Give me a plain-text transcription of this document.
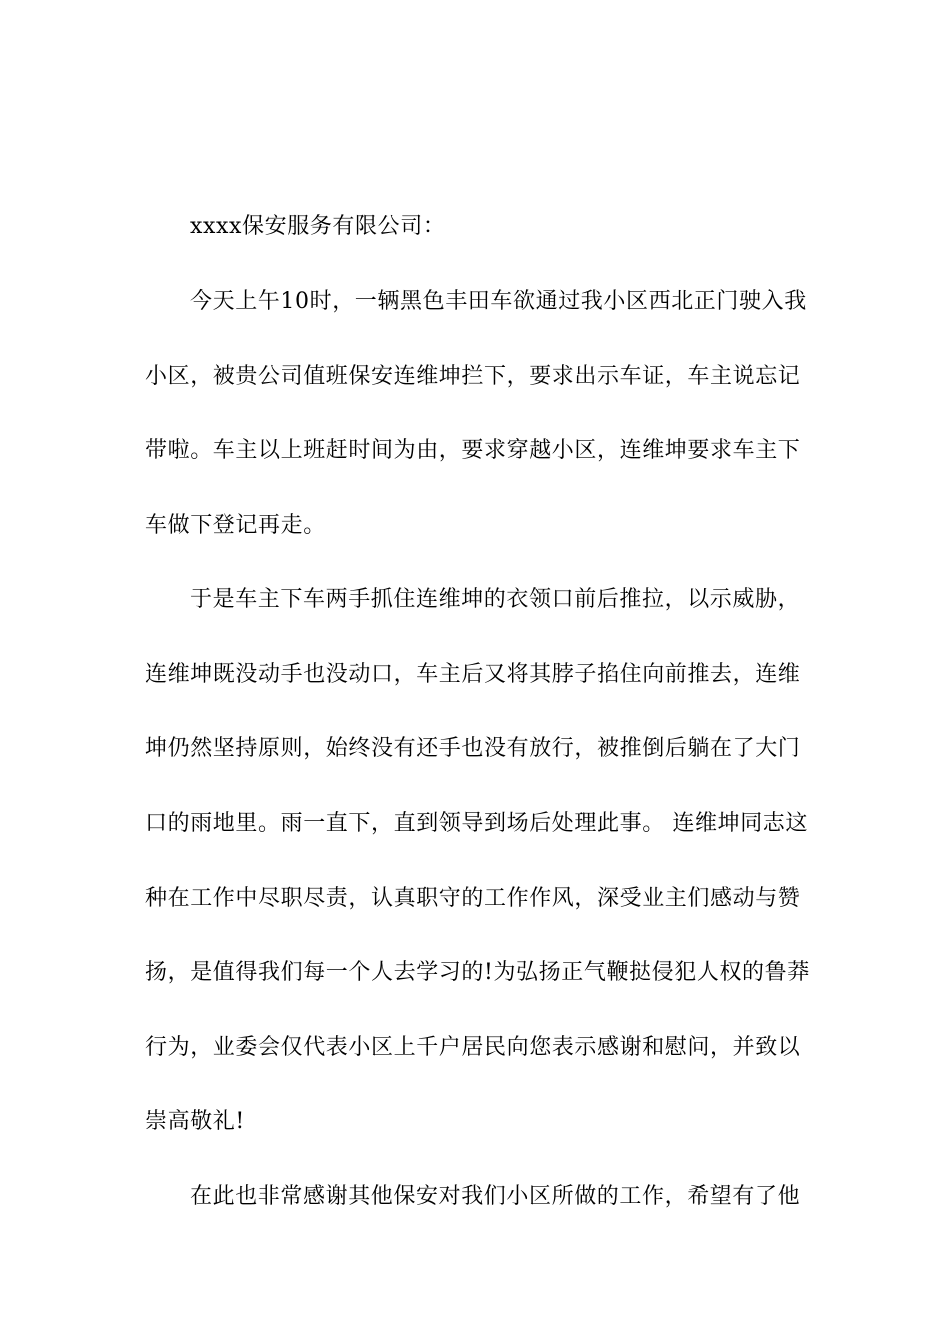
xxxx保安服务有限公司：
今天上午10时，一辆黑色丰田车欲通过我小区西北正门驶入我
小区，被贵公司值班保安连维坤拦下，要求出示车证，车主说忘记
带啦。车主以上班赶时间为由，要求穿越小区，连维坤要求车主下
车做下登记再走。
于是车主下车两手抓住连维坤的衣领口前后推拉，以示威胁，
连维坤既没动手也没动口，车主后又将其脖子掐住向前推去，连维
坤仍然坚持原则，始终没有还手也没有放行，被推倒后躺在了大门
口的雨地里。雨一直下，直到领导到场后处理此事。 连维坤同志这
种在工作中尽职尽责，认真职守的工作作风，深受业主们感动与赞
扬，是值得我们每一个人去学习的!为弘扬正气鞭挞侵犯人权的鲁莽
行为，业委会仅代表小区上千户居民向您表示感谢和慰问，并致以
崇高敬礼!
在此也非常感谢其他保安对我们小区所做的工作，希望有了他
